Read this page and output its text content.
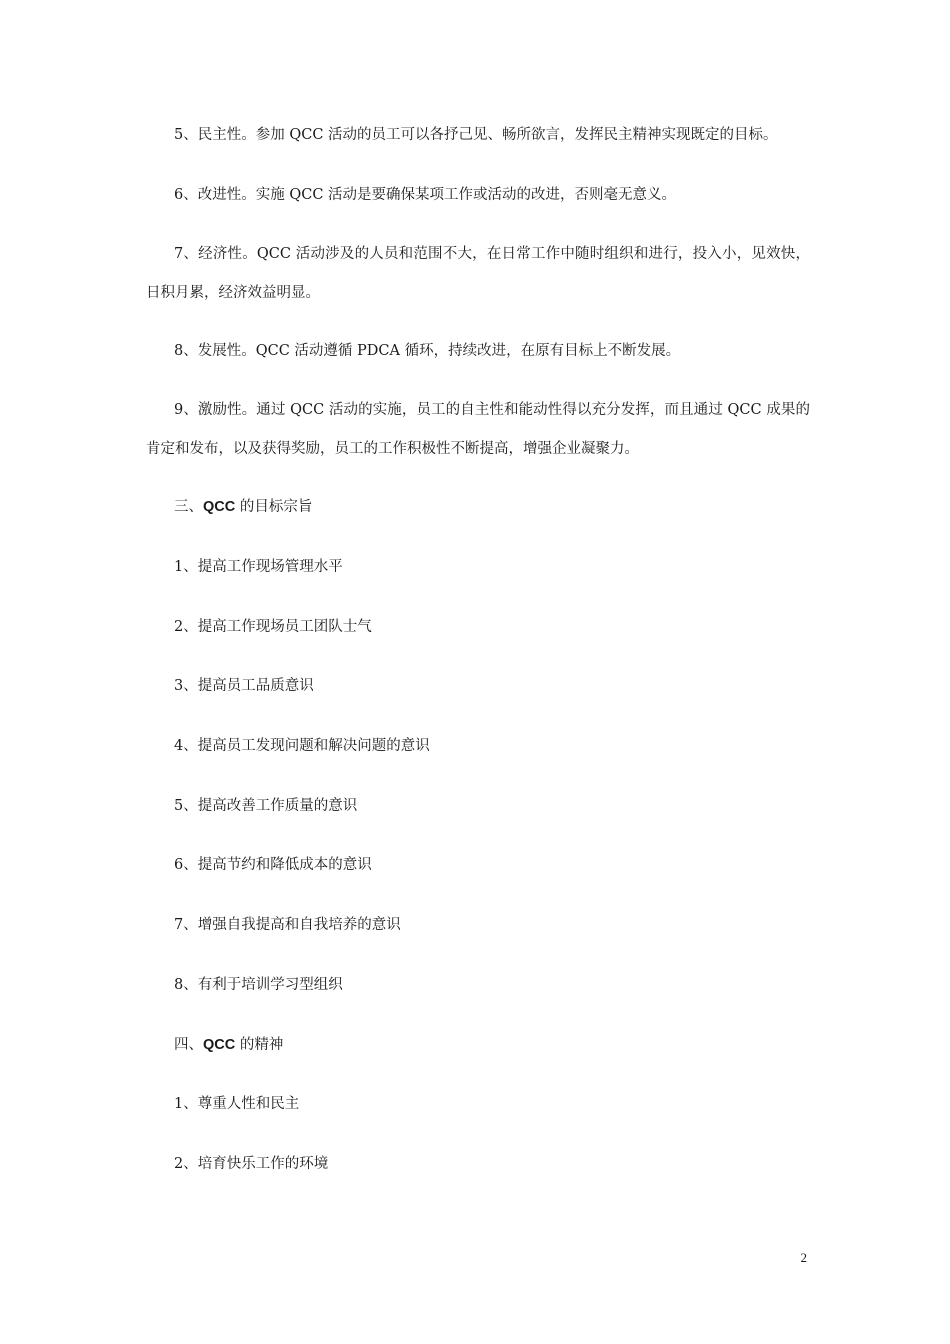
5、民主性。参加 QCC 活动的员工可以各抒己见、畅所欲言，发挥民主精神实现既定的目标。

6、改进性。实施 QCC 活动是要确保某项工作或活动的改进，否则毫无意义。

7、经济性。QCC 活动涉及的人员和范围不大，在日常工作中随时组织和进行，投入小，见效快，日积月累，经济效益明显。

8、发展性。QCC 活动遵循 PDCA 循环，持续改进，在原有目标上不断发展。

9、激励性。通过 QCC 活动的实施，员工的自主性和能动性得以充分发挥，而且通过 QCC 成果的肯定和发布，以及获得奖励，员工的工作积极性不断提高，增强企业凝聚力。

三、QCC 的目标宗旨

1、提高工作现场管理水平

2、提高工作现场员工团队士气

3、提高员工品质意识

4、提高员工发现问题和解决问题的意识

5、提高改善工作质量的意识

6、提高节约和降低成本的意识

7、增强自我提高和自我培养的意识

8、有利于培训学习型组织

四、QCC 的精神

1、尊重人性和民主

2、培育快乐工作的环境

2
